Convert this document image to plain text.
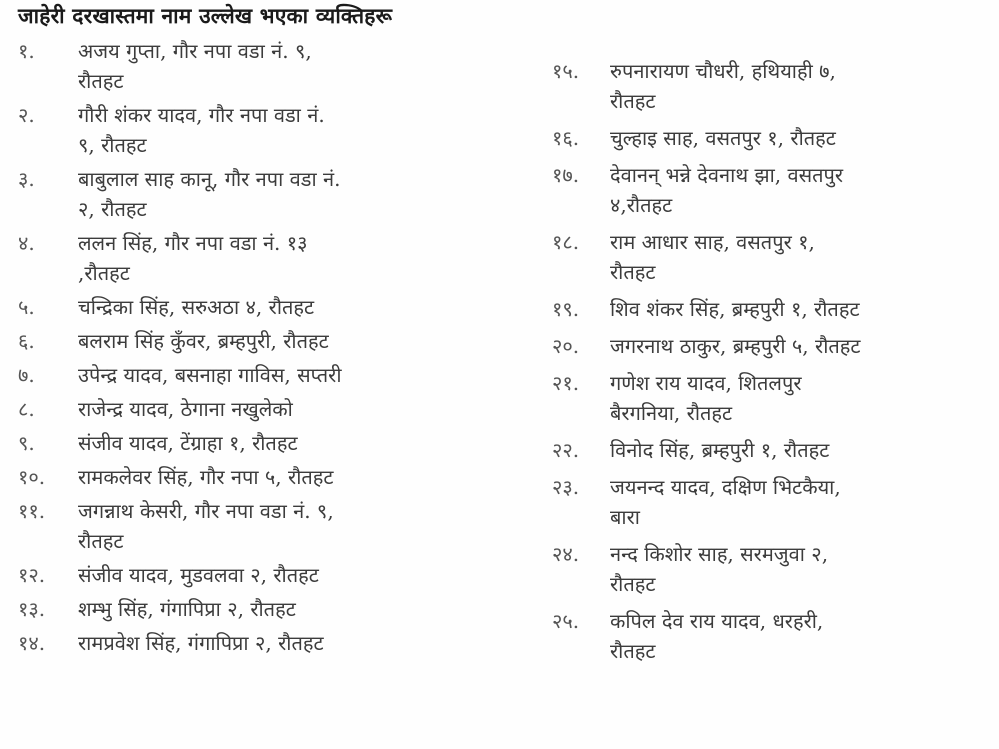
जाहेरी दरखास्तमा नाम उल्लेख भएका व्यक्तिहरू
१.	अजय गुप्ता, गौर नपा वडा नं. ९,
रौतहट
२.	गौरी शंकर यादव, गौर नपा वडा नं.
९, रौतहट
३.	बाबुलाल साह कानू, गौर नपा वडा नं.
२, रौतहट
४.	ललन सिंह, गौर नपा वडा नं. १३
,रौतहट
५.	चन्द्रिका सिंह, सरुअठा ४, रौतहट
६.	बलराम सिंह कुँवर, ब्रम्हपुरी, रौतहट
७.	उपेन्द्र यादव, बसनाहा गाविस, सप्तरी
८.	राजेन्द्र यादव, ठेगाना नखुलेको
९.	संजीव यादव, टेंग्राहा १, रौतहट
१०.	रामकलेवर सिंह, गौर नपा ५, रौतहट
११.	जगन्नाथ केसरी, गौर नपा वडा नं. ९,
रौतहट
१२.	संजीव यादव, मुडवलवा २, रौतहट
१३.	शम्भु सिंह, गंगापिप्रा २, रौतहट
१४.	रामप्रवेश सिंह, गंगापिप्रा २, रौतहट
१५.	रुपनारायण चौधरी, हथियाही ७,
रौतहट
१६.	चुल्हाइ साह, वसतपुर १, रौतहट
१७.	देवानन् भन्ने देवनाथ झा, वसतपुर
४,रौतहट
१८.	राम आधार साह, वसतपुर १,
रौतहट
१९.	शिव शंकर सिंह, ब्रम्हपुरी १, रौतहट
२०.	जगरनाथ ठाकुर, ब्रम्हपुरी ५, रौतहट
२१.	गणेश राय यादव, शितलपुर
बैरगनिया, रौतहट
२२.	विनोद सिंह, ब्रम्हपुरी १, रौतहट
२३.	जयनन्द यादव, दक्षिण भिटकैया,
बारा
२४.	नन्द किशोर साह, सरमजुवा २,
रौतहट
२५.	कपिल देव राय यादव, धरहरी,
रौतहट
